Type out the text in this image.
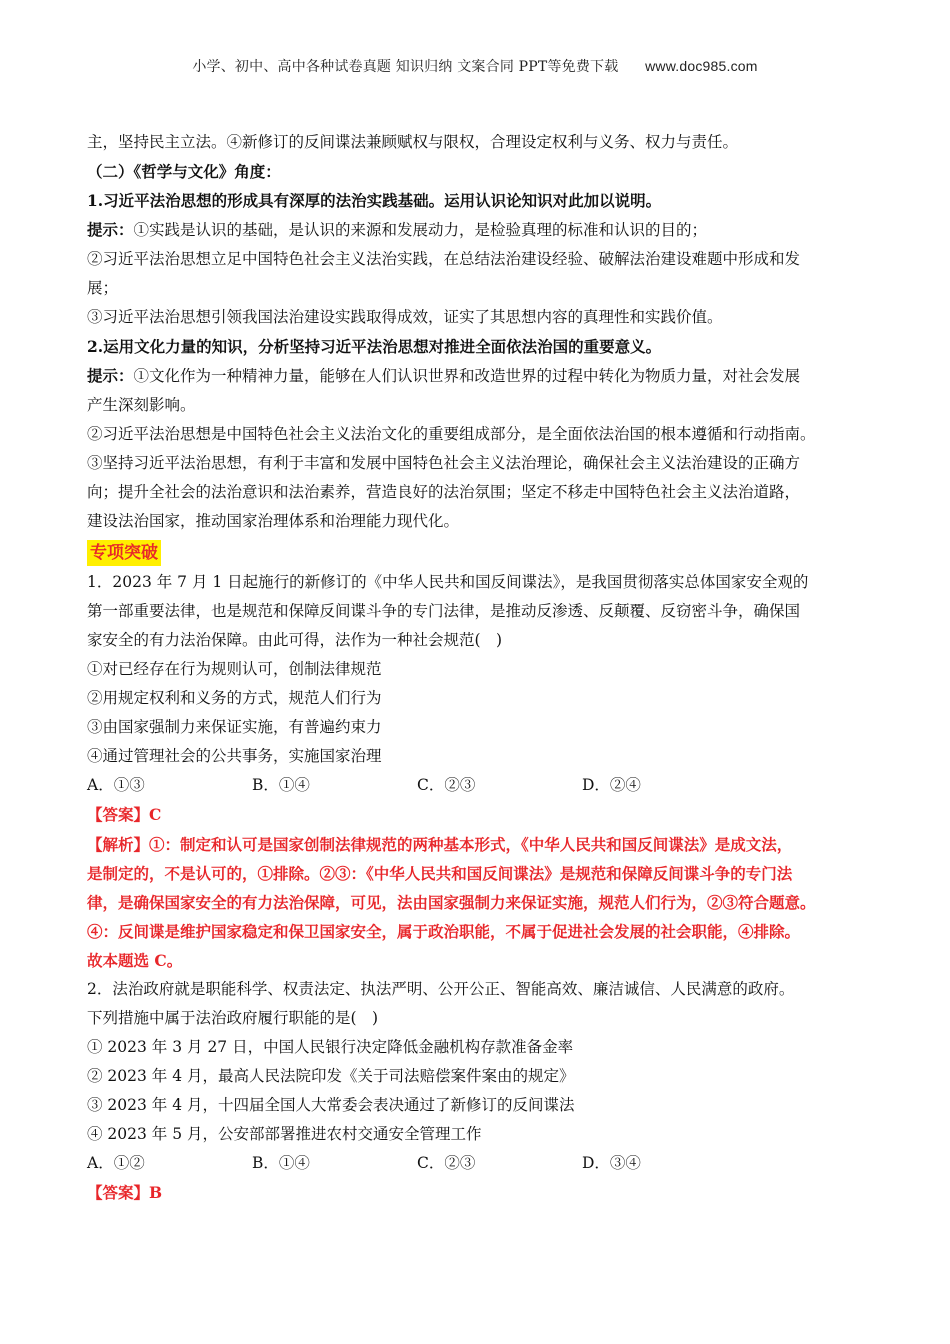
小学、初中、高中各种试卷真题 知识归纳 文案合同 PPT等免费下载 www.doc985.com
主，坚持民主立法。④新修订的反间谍法兼顾赋权与限权，合理设定权利与义务、权力与责任。
（二）《哲学与文化》角度：
1.习近平法治思想的形成具有深厚的法治实践基础。运用认识论知识对此加以说明。
提示：①实践是认识的基础，是认识的来源和发展动力，是检验真理的标准和认识的目的；
②习近平法治思想立足中国特色社会主义法治实践，在总结法治建设经验、破解法治建设难题中形成和发
展；
③习近平法治思想引领我国法治建设实践取得成效，证实了其思想内容的真理性和实践价值。
2.运用文化力量的知识，分析坚持习近平法治思想对推进全面依法治国的重要意义。
提示：①文化作为一种精神力量，能够在人们认识世界和改造世界的过程中转化为物质力量，对社会发展
产生深刻影响。
②习近平法治思想是中国特色社会主义法治文化的重要组成部分，是全面依法治国的根本遵循和行动指南。
③坚持习近平法治思想，有利于丰富和发展中国特色社会主义法治理论，确保社会主义法治建设的正确方
向；提升全社会的法治意识和法治素养，营造良好的法治氛围；坚定不移走中国特色社会主义法治道路，
建设法治国家，推动国家治理体系和治理能力现代化。
专项突破
1．2023 年 7 月 1 日起施行的新修订的《中华人民共和国反间谍法》，是我国贯彻落实总体国家安全观的
第一部重要法律，也是规范和保障反间谍斗争的专门法律，是推动反渗透、反颠覆、反窃密斗争，确保国
家安全的有力法治保障。由此可得，法作为一种社会规范(　)
①对已经存在行为规则认可，创制法律规范
②用规定权利和义务的方式，规范人们行为
③由国家强制力来保证实施，有普遍约束力
④通过管理社会的公共事务，实施国家治理
A．①③	B．①④	C．②③	D．②④
【答案】C
【解析】①：制定和认可是国家创制法律规范的两种基本形式，《中华人民共和国反间谍法》是成文法，
是制定的，不是认可的，①排除。②③：《中华人民共和国反间谍法》是规范和保障反间谍斗争的专门法
律，是确保国家安全的有力法治保障，可见，法由国家强制力来保证实施，规范人们行为，②③符合题意。
④：反间谍是维护国家稳定和保卫国家安全，属于政治职能，不属于促进社会发展的社会职能，④排除。
故本题选 C。
2．法治政府就是职能科学、权责法定、执法严明、公开公正、智能高效、廉洁诚信、人民满意的政府。
下列措施中属于法治政府履行职能的是(　)
① 2023 年 3 月 27 日，中国人民银行决定降低金融机构存款准备金率
② 2023 年 4 月，最高人民法院印发《关于司法赔偿案件案由的规定》
③ 2023 年 4 月，十四届全国人大常委会表决通过了新修订的反间谍法
④ 2023 年 5 月，公安部部署推进农村交通安全管理工作
A．①②	B．①④	C．②③	D．③④
【答案】B
